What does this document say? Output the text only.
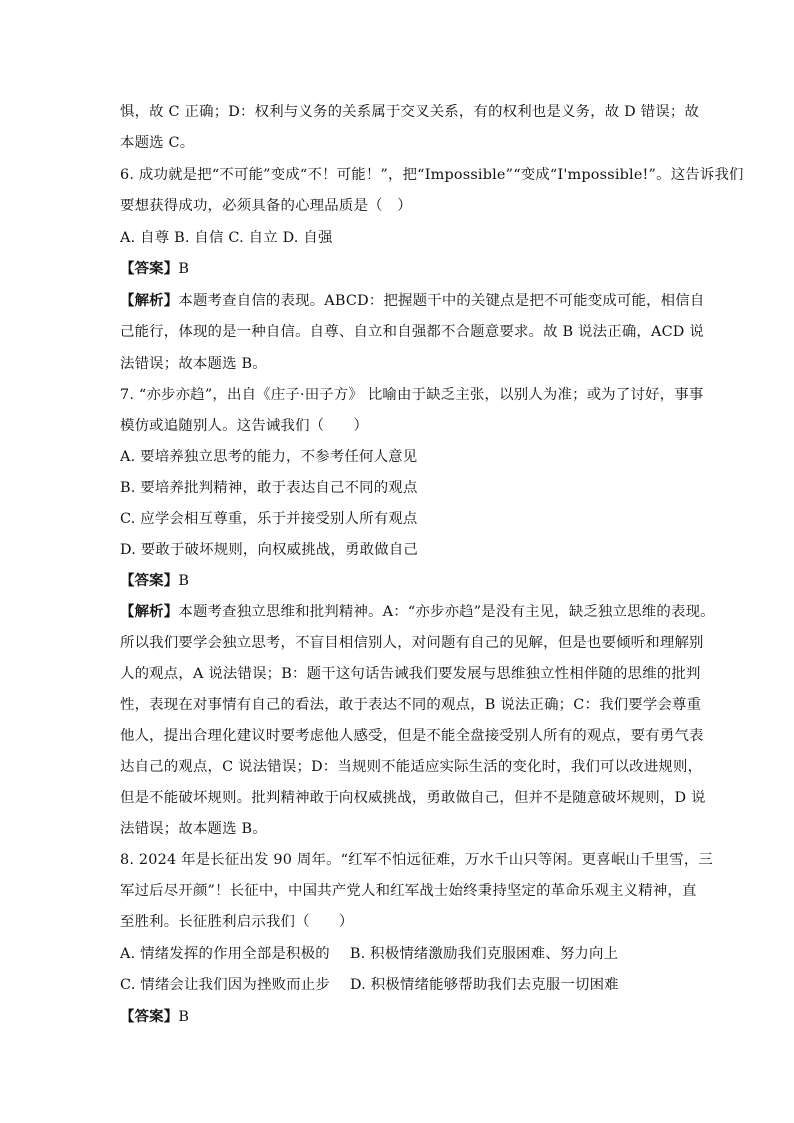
惧，故 C 正确；D：权利与义务的关系属于交叉关系，有的权利也是义务，故 D 错误；故
本题选 C。
6. 成功就是把“不可能”变成“不！可能！”，把“Impossible”“变成“I'mpossible!”。这告诉我们
要想获得成功，必须具备的心理品质是（　）
A. 自尊 B. 自信 C. 自立 D. 自强
【答案】B
【解析】本题考查自信的表现。ABCD：把握题干中的关键点是把不可能变成可能，相信自
己能行，体现的是一种自信。自尊、自立和自强都不合题意要求。故 B 说法正确，ACD 说
法错误；故本题选 B。
7. “亦步亦趋”，出自《庄子·田子方》 比喻由于缺乏主张，以别人为准；或为了讨好，事事
模仿或追随别人。这告诫我们（　　）
A. 要培养独立思考的能力，不参考任何人意见
B. 要培养批判精神，敢于表达自己不同的观点
C. 应学会相互尊重，乐于并接受别人所有观点
D. 要敢于破坏规则，向权威挑战，勇敢做自己
【答案】B
【解析】本题考查独立思维和批判精神。A：“亦步亦趋”是没有主见，缺乏独立思维的表现。
所以我们要学会独立思考，不盲目相信别人，对问题有自己的见解，但是也要倾听和理解别
人的观点，A 说法错误；B：题干这句话告诫我们要发展与思维独立性相伴随的思维的批判
性，表现在对事情有自己的看法，敢于表达不同的观点，B 说法正确；C：我们要学会尊重
他人，提出合理化建议时要考虑他人感受，但是不能全盘接受别人所有的观点，要有勇气表
达自己的观点，C 说法错误；D：当规则不能适应实际生活的变化时，我们可以改进规则，
但是不能破坏规则。批判精神敢于向权威挑战，勇敢做自己，但并不是随意破坏规则，D 说
法错误；故本题选 B。
8. 2024 年是长征出发 90 周年。“红军不怕远征难，万水千山只等闲。更喜岷山千里雪，三
军过后尽开颜”！长征中，中国共产党人和红军战士始终秉持坚定的革命乐观主义精神，直
至胜利。长征胜利启示我们（　　）
A. 情绪发挥的作用全部是积极的 B. 积极情绪激励我们克服困难、努力向上
C. 情绪会让我们因为挫败而止步 D. 积极情绪能够帮助我们去克服一切困难
【答案】B
